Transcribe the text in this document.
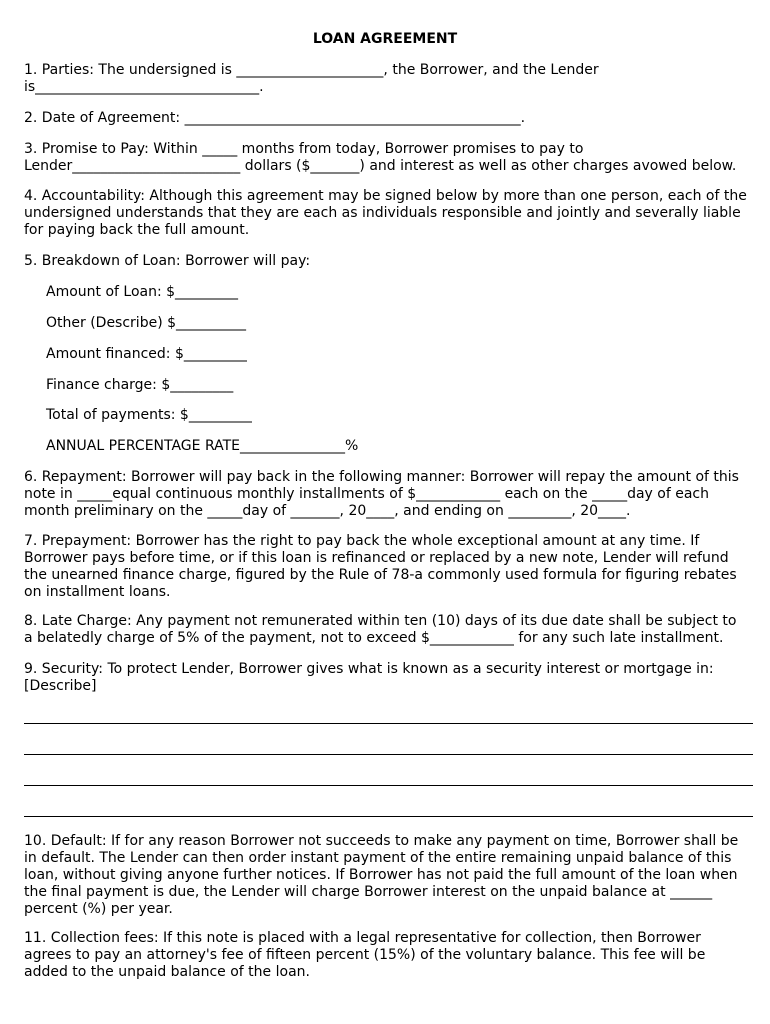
LOAN AGREEMENT

1. Parties: The undersigned is _____________________, the Borrower, and the Lender
is________________________________.

2. Date of Agreement: ________________________________________________.

3. Promise to Pay: Within _____ months from today, Borrower promises to pay to
Lender________________________ dollars ($_______) and interest as well as other charges avowed below.

4. Accountability: Although this agreement may be signed below by more than one person, each of the undersigned understands that they are each as individuals responsible and jointly and severally liable for paying back the full amount.

5. Breakdown of Loan: Borrower will pay:

Amount of Loan: $_________

Other (Describe) $__________

Amount financed: $_________

Finance charge: $_________

Total of payments: $_________

ANNUAL PERCENTAGE RATE_______________%

6. Repayment: Borrower will pay back in the following manner: Borrower will repay the amount of this note in _____equal continuous monthly installments of $____________ each on the _____day of each month preliminary on the _____day of _______, 20____, and ending on _________, 20____.

7. Prepayment: Borrower has the right to pay back the whole exceptional amount at any time. If Borrower pays before time, or if this loan is refinanced or replaced by a new note, Lender will refund the unearned finance charge, figured by the Rule of 78-a commonly used formula for figuring rebates on installment loans.

8. Late Charge: Any payment not remunerated within ten (10) days of its due date shall be subject to a belatedly charge of 5% of the payment, not to exceed $____________ for any such late installment.

9. Security: To protect Lender, Borrower gives what is known as a security interest or mortgage in: [Describe]

10. Default: If for any reason Borrower not succeeds to make any payment on time, Borrower shall be in default. The Lender can then order instant payment of the entire remaining unpaid balance of this loan, without giving anyone further notices. If Borrower has not paid the full amount of the loan when the final payment is due, the Lender will charge Borrower interest on the unpaid balance at ______ percent (%) per year.

11. Collection fees: If this note is placed with a legal representative for collection, then Borrower agrees to pay an attorney's fee of fifteen percent (15%) of the voluntary balance. This fee will be added to the unpaid balance of the loan.
